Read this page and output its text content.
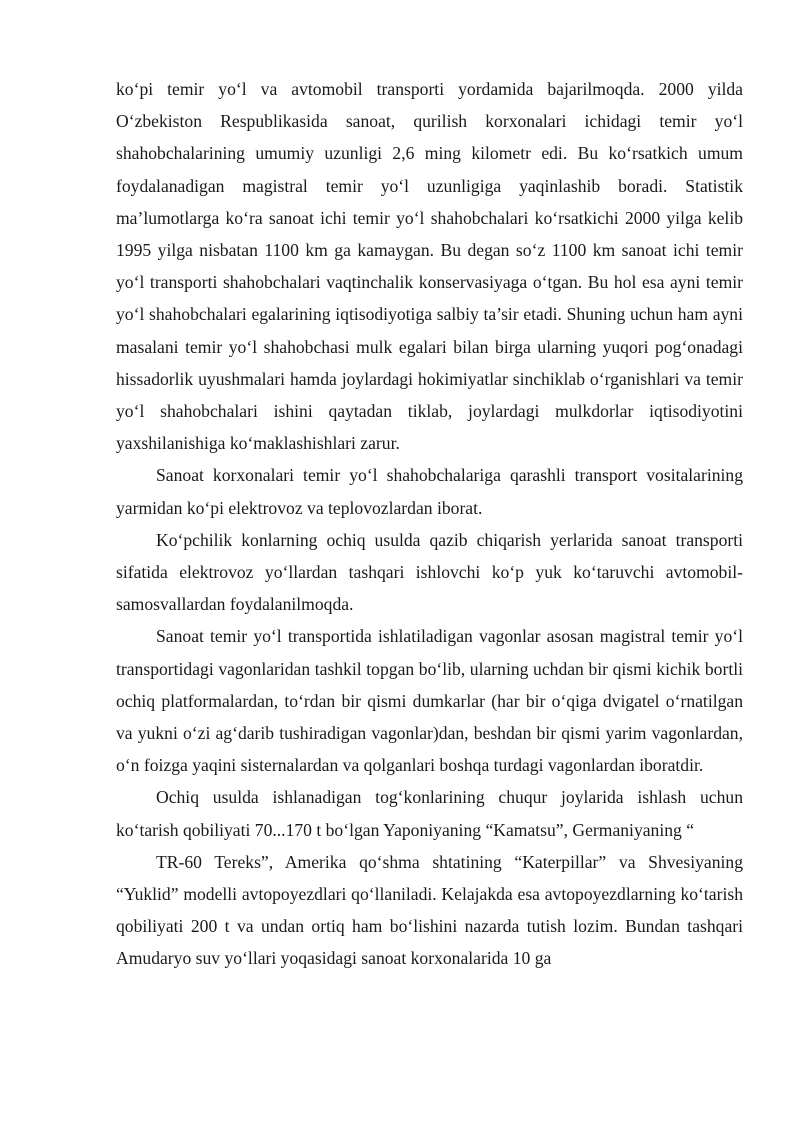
ko‘pi temir yo‘l va avtomobil transporti yordamida bajarilmoqda. 2000 yilda O‘zbekiston Respublikasida sanoat, qurilish korxonalari ichidagi temir yo‘l shahobchalarining umumiy uzunligi 2,6 ming kilometr edi. Bu ko‘rsatkich umum foydalanadigan magistral temir yo‘l uzunligiga yaqinlashib boradi. Statistik ma’lumotlarga ko‘ra sanoat ichi temir yo‘l shahobchalari ko‘rsatkichi 2000 yilga kelib 1995 yilga nisbatan 1100 km ga kamaygan. Bu degan so‘z 1100 km sanoat ichi temir yo‘l transporti shahobchalari vaqtinchalik konservasiyaga o‘tgan. Bu hol esa ayni temir yo‘l shahobchalari egalarining iqtisodiyotiga salbiy ta’sir etadi. Shuning uchun ham ayni masalani temir yo‘l shahobchasi mulk egalari bilan birga ularning yuqori pog‘onadagi hissadorlik uyushmalari hamda joylardagi hokimiyatlar sinchiklab o‘rganishlari va temir yo‘l shahobchalari ishini qaytadan tiklab, joylardagi mulkdorlar iqtisodiyotini yaxshilanishiga ko‘maklashishlari zarur.

Sanoat korxonalari temir yo‘l shahobchalariga qarashli transport vositalarining yarmidan ko‘pi elektrovoz va teplovozlardan iborat.

Ko‘pchilik konlarning ochiq usulda qazib chiqarish yerlarida sanoat transporti sifatida elektrovoz yo‘llardan tashqari ishlovchi ko‘p yuk ko‘taruvchi avtomobil-samosvallardan foydalanilmoqda.

Sanoat temir yo‘l transportida ishlatiladigan vagonlar asosan magistral temir yo‘l transportidagi vagonlaridan tashkil topgan bo‘lib, ularning uchdan bir qismi kichik bortli ochiq platformalardan, to‘rdan bir qismi dumkarlar (har bir o‘qiga dvigatel o‘rnatilgan va yukni o‘zi ag‘darib tushiradigan vagonlar)dan, beshdan bir qismi yarim vagonlardan, o‘n foizga yaqini sisternalardan va qolganlari boshqa turdagi vagonlardan iboratdir.

Ochiq usulda ishlanadigan tog‘konlarining chuqur joylarida ishlash uchun ko‘tarish qobiliyati 70...170 t bo‘lgan Yaponiyaning “Kamatsu”, Germaniyaning “

TR-60 Tereks”, Amerika qo‘shma shtatining “Katerpillar” va Shvesiyaning “Yuklid” modelli avtopoyezdlari qo‘llaniladi. Kelajakda esa avtopoyezdlarning ko‘tarish qobiliyati 200 t va undan ortiq ham bo‘lishini nazarda tutish lozim. Bundan tashqari Amudaryo suv yo‘llari yoqasidagi sanoat korxonalarida 10 ga
